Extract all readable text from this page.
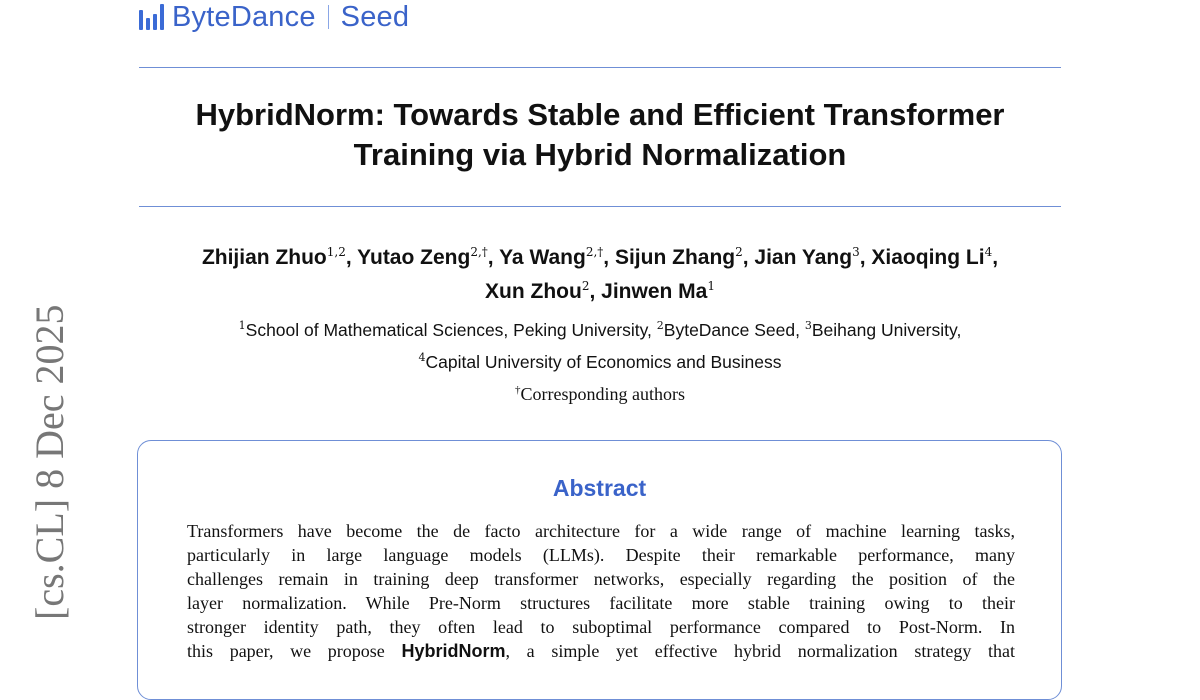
ByteDance Seed
HybridNorm: Towards Stable and Efficient Transformer
Training via Hybrid Normalization
Zhijian Zhuo$^{1,2}$, Yutao Zeng$^{2,\dagger}$, Ya Wang$^{2,\dagger}$, Sijun Zhang$^2$, Jian Yang$^3$, Xiaoqing Li$^4$,
Xun Zhou$^2$, Jinwen Ma$^1$
$^1$School of Mathematical Sciences, Peking University, $^2$ByteDance Seed, $^3$Beihang University,
$^4$Capital University of Economics and Business
†Corresponding authors
Abstract
Transformers have become the de facto architecture for a wide range of machine learning tasks,
particularly in large language models (LLMs). Despite their remarkable performance, many
challenges remain in training deep transformer networks, especially regarding the position of the
layer normalization. While Pre-Norm structures facilitate more stable training owing to their
stronger identity path, they often lead to suboptimal performance compared to Post-Norm. In
this paper, we propose HybridNorm, a simple yet effective hybrid normalization strategy that
[cs.CL] 8 Dec 2025
